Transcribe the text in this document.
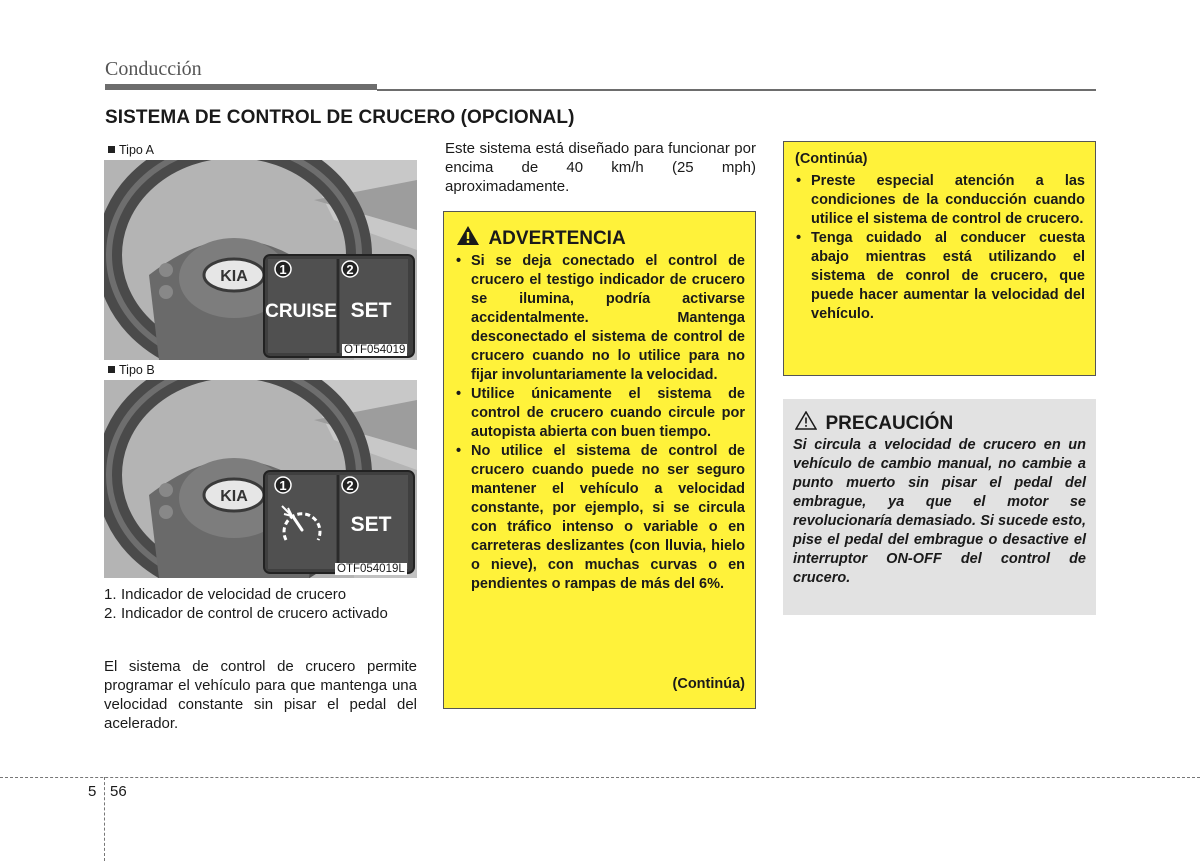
Conducción
SISTEMA DE CONTROL DE CRUCERO (OPCIONAL)
Tipo A
KIA 1	2
CRUISE SET
OTF054019
Tipo B
KIA
1	2
SET
OTF054019L
1. Indicador de velocidad de crucero
2. Indicador de control de crucero activado
El sistema de control de crucero permite programar el vehículo para que mantenga una velocidad constante sin pisar el pedal del acelerador.
Este sistema está diseñado para funcionar por encima de 40 km/h (25 mph) aproximadamente.
ADVERTENCIA
• Si se deja conectado el control de crucero el testigo indicador de crucero se ilumina, podría activarse accidentalmente. Mantenga desconectado el sistema de control de crucero cuando no lo utilice para no fijar involuntariamente la velocidad.
• Utilice únicamente el sistema de control de crucero cuando circule por autopista abierta con buen tiempo.
• No utilice el sistema de control de crucero cuando puede no ser seguro mantener el vehículo a velocidad constante, por ejemplo, si se circula con tráfico intenso o variable o en carreteras deslizantes (con lluvia, hielo o nieve), con muchas curvas o en pendientes o rampas de más del 6%.
(Continúa)
(Continúa)
• Preste especial atención a las condiciones de la conducción cuando utilice el sistema de control de crucero.
• Tenga cuidado al conducer cuesta abajo mientras está utilizando el sistema de conrol de crucero, que puede hacer aumentar la velocidad del vehículo.
PRECAUCIÓN
Si circula a velocidad de crucero en un vehículo de cambio manual, no cambie a punto muerto sin pisar el pedal del embrague, ya que el motor se revolucionaría demasiado. Si sucede esto, pise el pedal del embrague o desactive el interruptor ON-OFF del control de crucero.
5 56
